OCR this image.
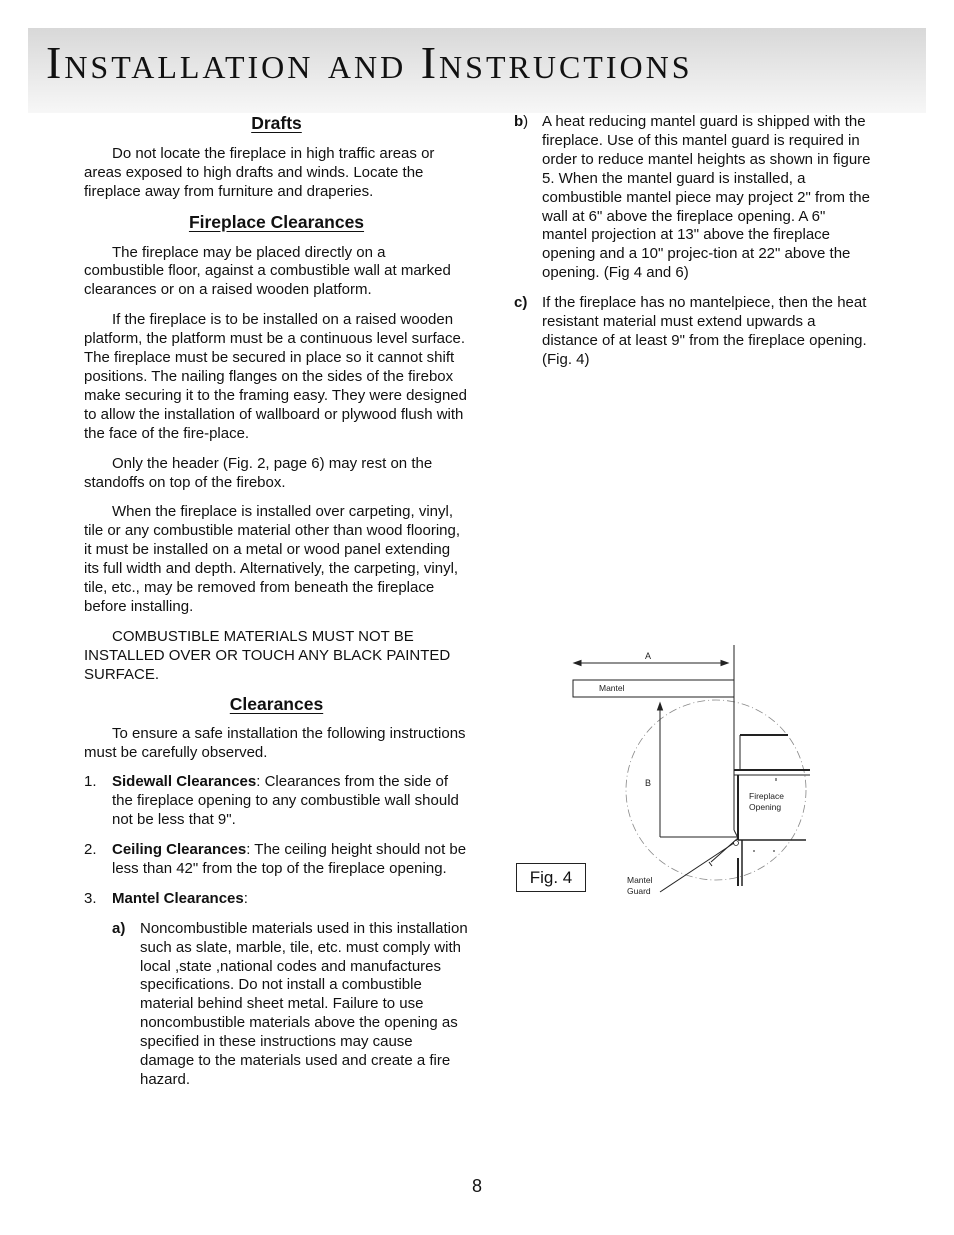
Installation and Instructions
Drafts

Do not locate the fireplace in high traffic areas or areas exposed to high drafts and winds. Locate the fireplace away from furniture and draperies.

Fireplace Clearances

The fireplace may be placed directly on a combustible floor, against a combustible wall at marked clearances or on a raised wooden platform.

If the fireplace is to be installed on a raised wooden platform, the platform must be a continuous level surface. The fireplace must be secured in place so it cannot shift positions. The nailing flanges on the sides of the firebox make securing it to the framing easy. They were designed to allow the installation of wallboard or plywood flush with the face of the fire-place.

Only the header (Fig. 2, page 6) may rest on the standoffs on top of the firebox.

When the fireplace is installed over carpeting, vinyl, tile or any combustible material other than wood flooring, it must be installed on a metal or wood panel extending its full width and depth. Alternatively, the carpeting, vinyl, tile, etc., may be removed from beneath the fireplace before installing.

COMBUSTIBLE MATERIALS MUST NOT BE INSTALLED OVER OR TOUCH ANY BLACK PAINTED SURFACE.

Clearances

To ensure a safe installation the following instructions must be carefully observed.

1. Sidewall Clearances: Clearances from the side of the fireplace opening to any combustible wall should not be less that 9".
2. Ceiling Clearances: The ceiling height should not be less than 42" from the top of the fireplace opening.
3. Mantel Clearances:
a) Noncombustible materials used in this installation such as slate, marble, tile, etc. must comply with local ,state ,national codes and manufactures specifications. Do not install a combustible material behind sheet metal. Failure to use noncombustible materials above the opening as specified in these instructions may cause damage to the materials used and create a fire hazard.
b) A heat reducing mantel guard is shipped with the fireplace. Use of this mantel guard is required in order to reduce mantel heights as shown in figure 5. When the mantel guard is installed, a combustible mantel piece may project 2" from the wall at 6" above the fireplace opening. A 6" mantel projection at 13" above the fireplace opening and a 10" projec-tion at 22" above the opening. (Fig 4 and 6)
c) If the fireplace has no mantelpiece, then the heat resistant material must extend upwards a distance of at least 9" from the fireplace opening. (Fig. 4)
A
B
Mantel
Fireplace
Opening
Mantel
Guard
Fig. 4
8
